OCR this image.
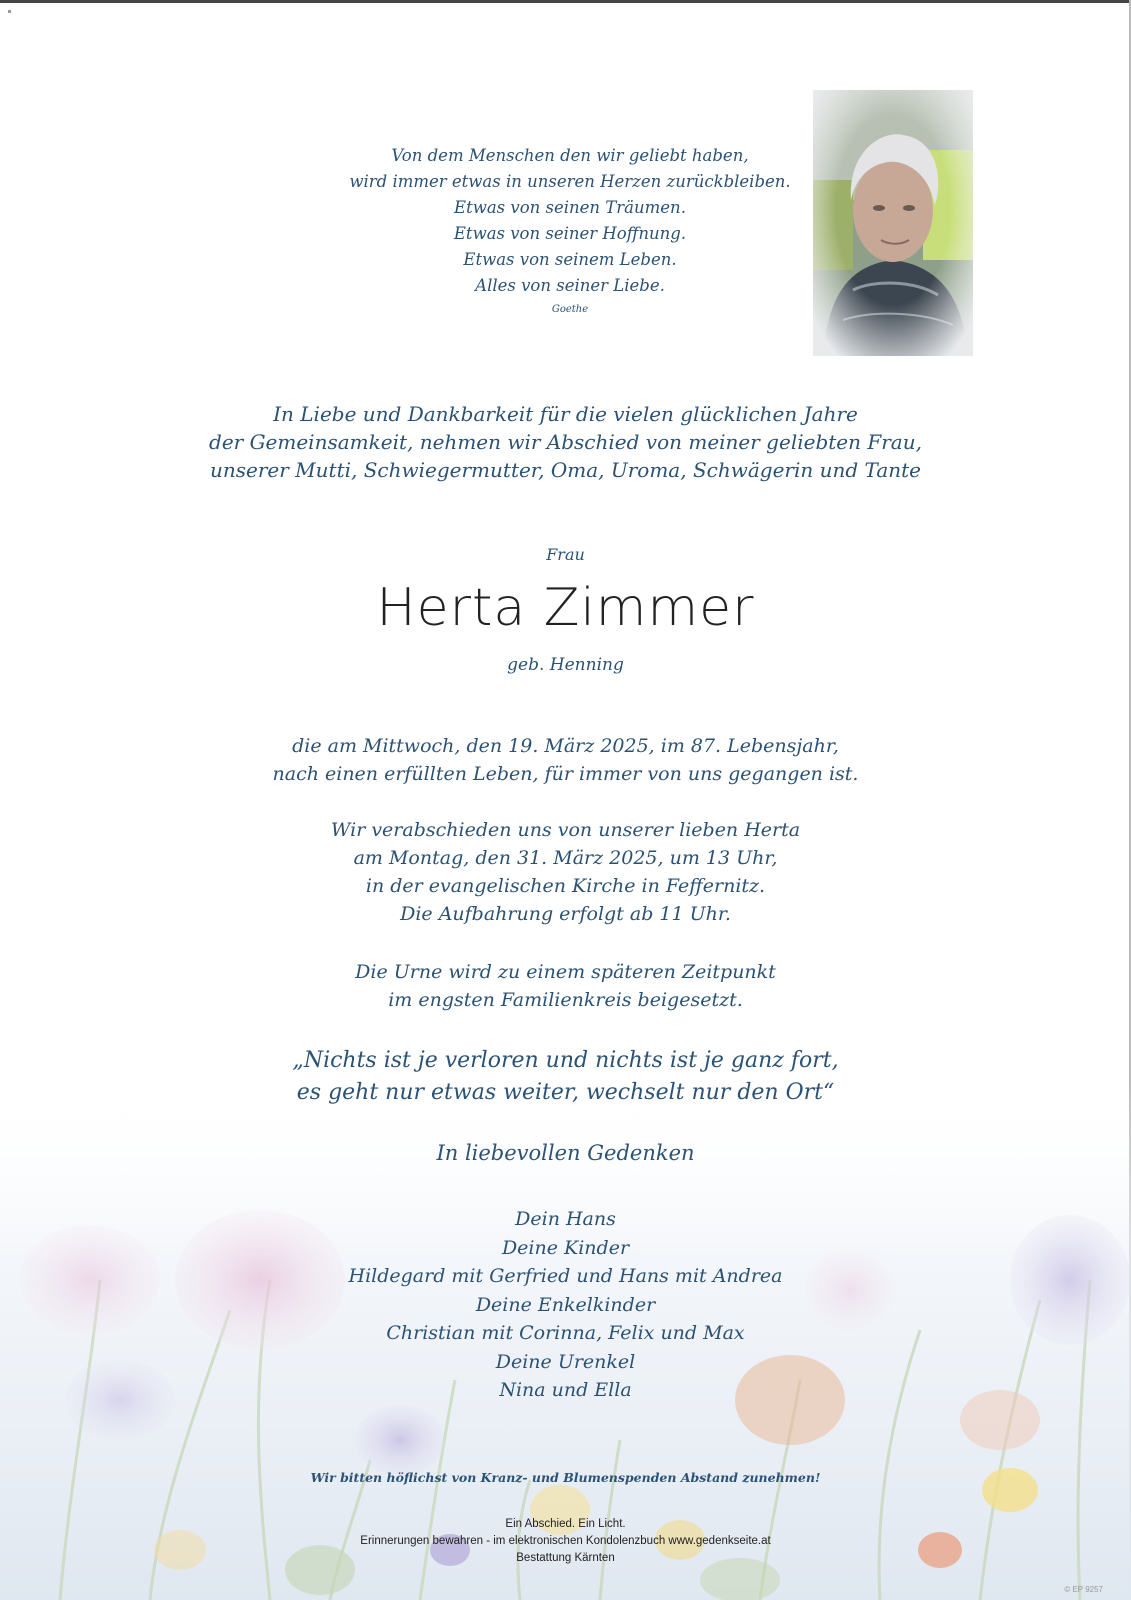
Von dem Menschen den wir geliebt haben,
wird immer etwas in unseren Herzen zurückbleiben.
Etwas von seinen Träumen.
Etwas von seiner Hoffnung.
Etwas von seinem Leben.
Alles von seiner Liebe.
Goethe
In Liebe und Dankbarkeit für die vielen glücklichen Jahre
der Gemeinsamkeit, nehmen wir Abschied von meiner geliebten Frau,
unserer Mutti, Schwiegermutter, Oma, Uroma, Schwägerin und Tante
Frau
Herta Zimmer
geb. Henning
die am Mittwoch, den 19. März 2025, im 87. Lebensjahr,
nach einen erfüllten Leben, für immer von uns gegangen ist.
Wir verabschieden uns von unserer lieben Herta
am Montag, den 31. März 2025, um 13 Uhr,
in der evangelischen Kirche in Feffernitz.
Die Aufbahrung erfolgt ab 11 Uhr.
Die Urne wird zu einem späteren Zeitpunkt
im engsten Familienkreis beigesetzt.
„Nichts ist je verloren und nichts ist je ganz fort,
es geht nur etwas weiter, wechselt nur den Ort“
In liebevollen Gedenken
Dein Hans
Deine Kinder
Hildegard mit Gerfried und Hans mit Andrea
Deine Enkelkinder
Christian mit Corinna, Felix und Max
Deine Urenkel
Nina und Ella
Wir bitten höflichst von Kranz- und Blumenspenden Abstand zunehmen!
Ein Abschied. Ein Licht.
Erinnerungen bewahren - im elektronischen Kondolenzbuch www.gedenkseite.at
Bestattung Kärnten
© EP 9257
